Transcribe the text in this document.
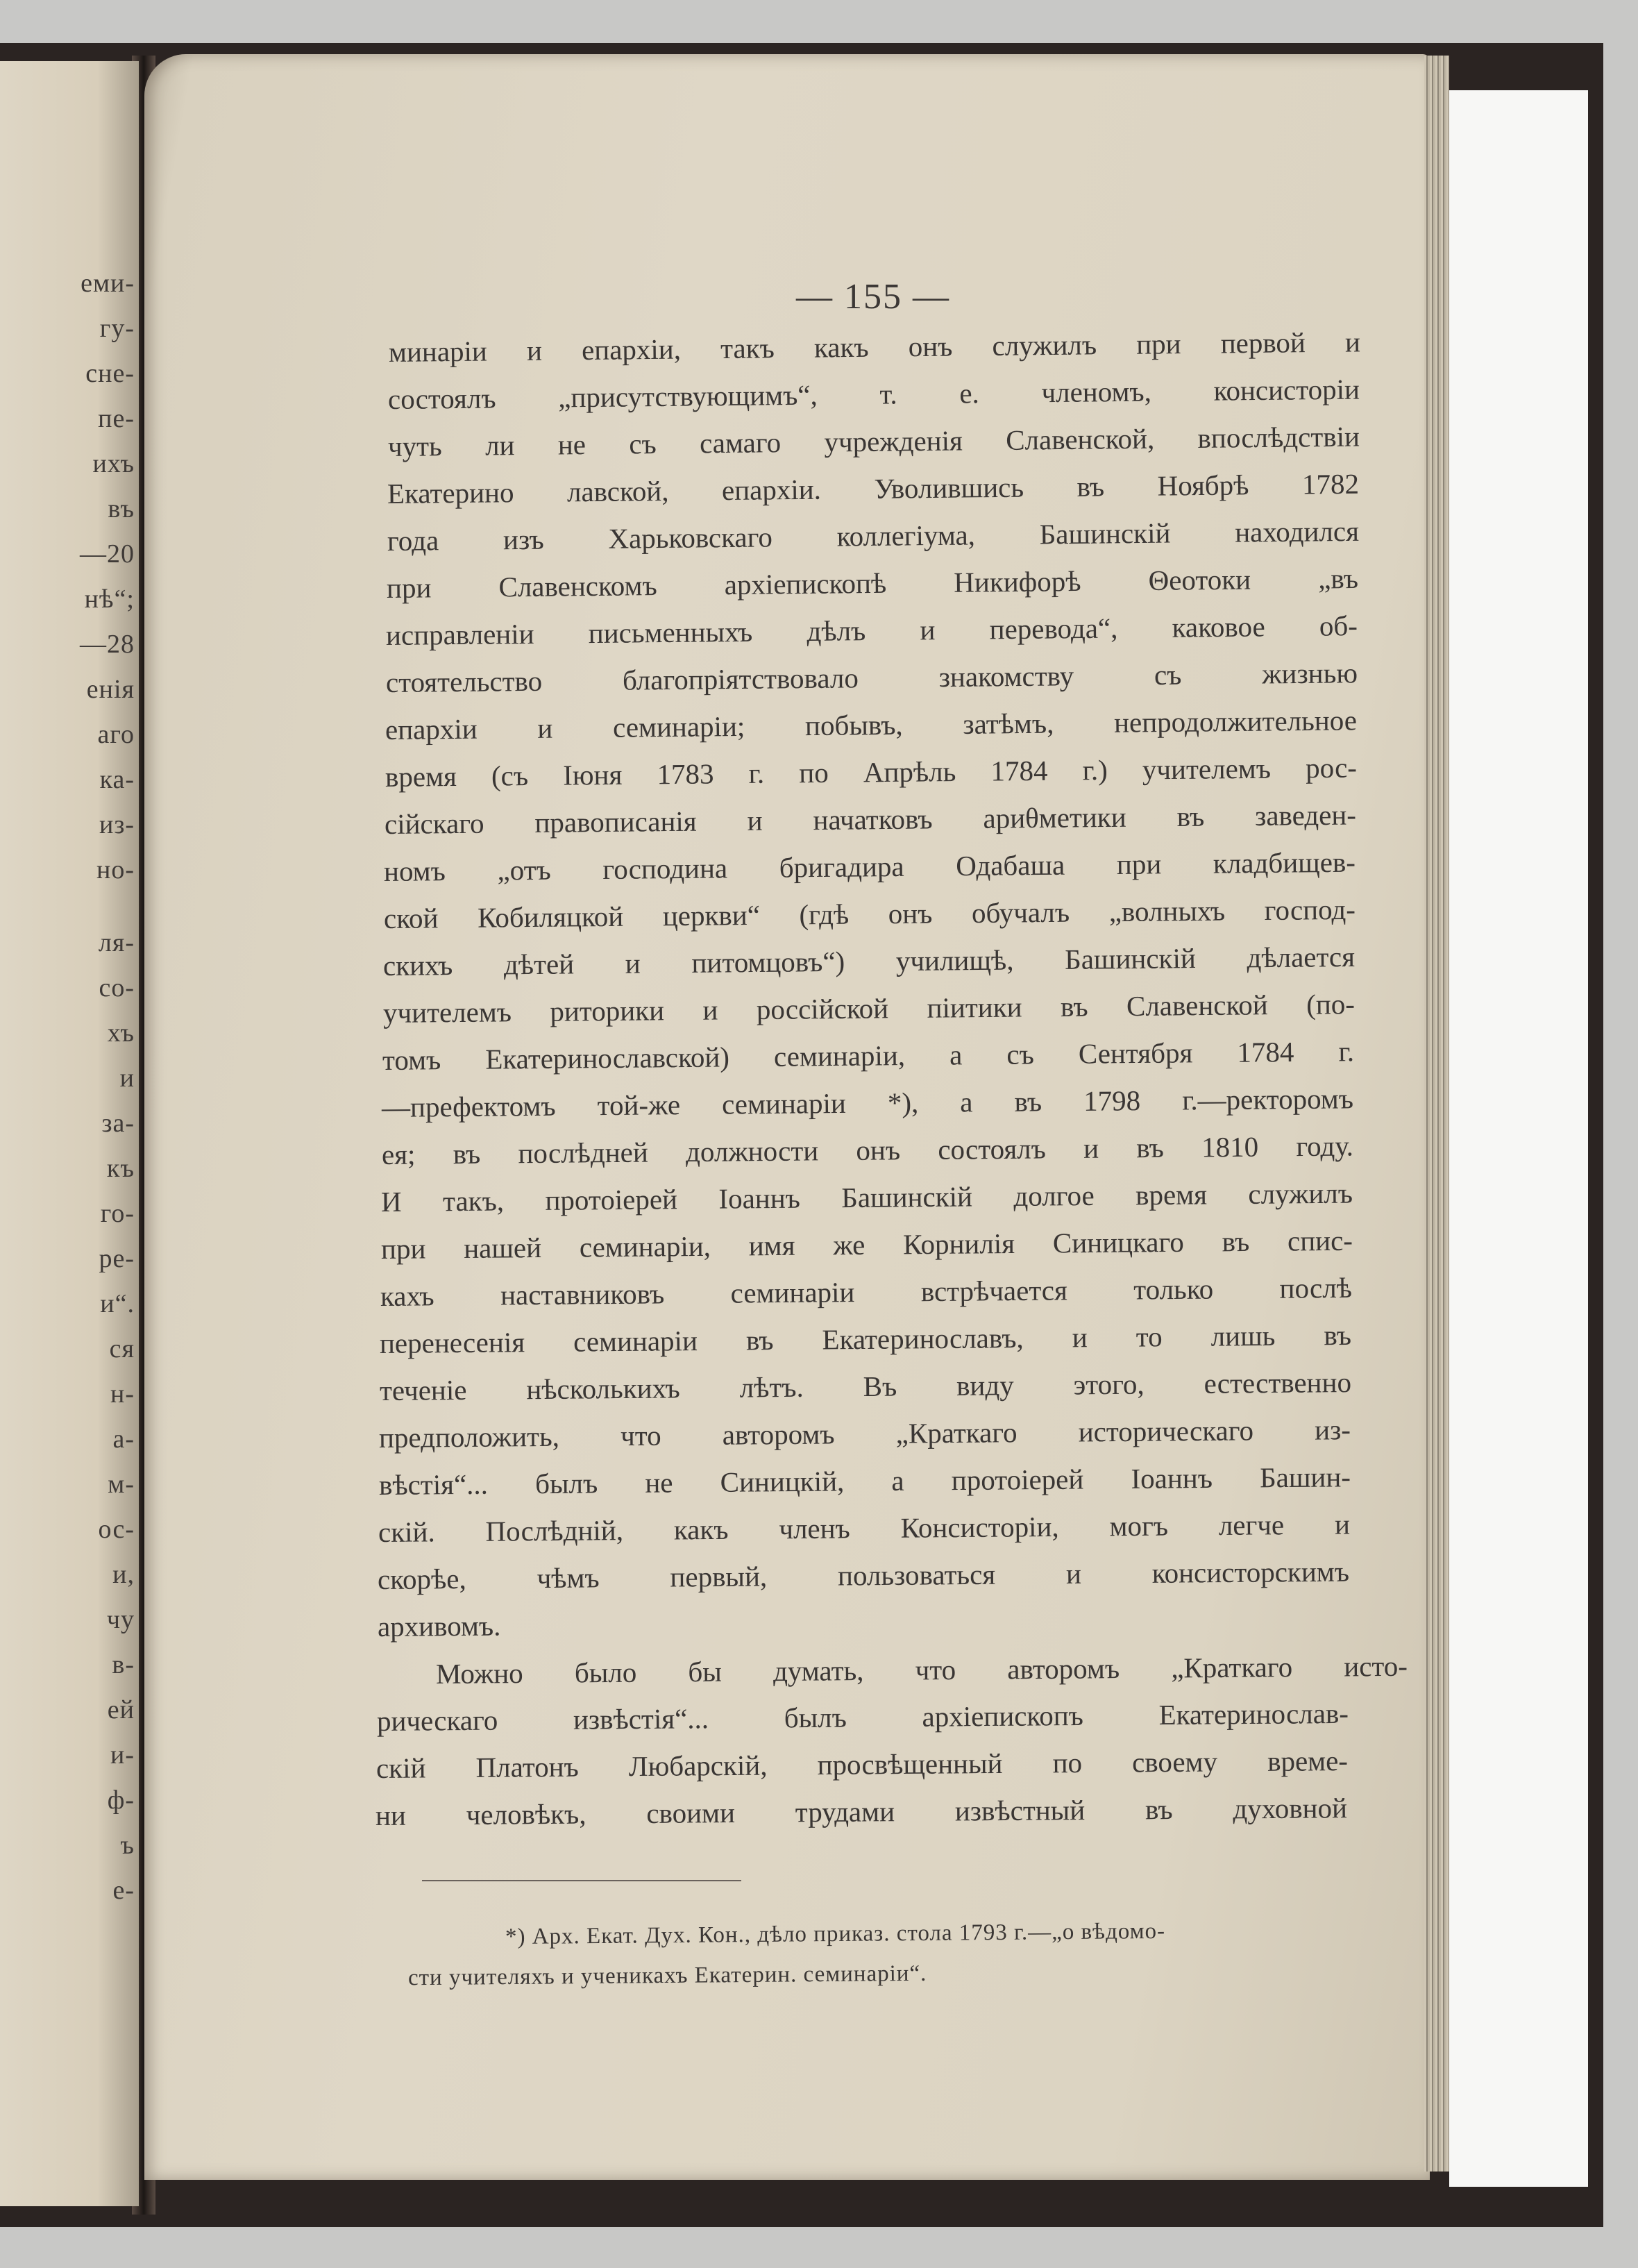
еми-
гу-
сне-
пе-
ихъ
въ
—20
нѣ“;
—28
енія
аго
ка-
из-
но-
ля-
со-
хъ
и
за-
къ
го-
ре-
и“.
ся
н-
а-
м-
ос-
и,
чу
в-
ей
и-
ф-
ъ
е-
— 155 —
минаріи и епархіи, такъ какъ онъ служилъ при первой и
состоялъ „присутствующимъ“, т. е. членомъ, консисторіи
чуть ли не съ самаго учрежденія Славенской, впослѣдствіи
Екатерино лавской, епархіи. Уволившись въ Ноябрѣ 1782
года изъ Харьковскаго коллегіума, Башинскій находился
при Славенскомъ архіепископѣ Никифорѣ Θеотоки „въ
исправленіи письменныхъ дѣлъ и перевода“, каковое об-
стоятельство благопріятствовало знакомству съ жизнью
епархіи и семинаріи; побывъ, затѣмъ, непродолжительное
время (съ Іюня 1783 г. по Апрѣль 1784 г.) учителемъ рос-
сійскаго правописанія и начатковъ ариθметики въ заведен-
номъ „отъ господина бригадира Одабаша при кладбищев-
ской Кобиляцкой церкви“ (гдѣ онъ обучалъ „волныхъ господ-
скихъ дѣтей и питомцовъ“) училищѣ, Башинскій дѣлается
учителемъ риторики и россійской піитики въ Славенской (по-
томъ Екатеринославской) семинаріи, а съ Сентября 1784 г.
—префектомъ той-же семинаріи *), а въ 1798 г.—ректоромъ
ея; въ послѣдней должности онъ состоялъ и въ 1810 году.
И такъ, протоіерей Іоаннъ Башинскій долгое время служилъ
при нашей семинаріи, имя же Корнилія Синицкаго въ спис-
кахъ наставниковъ семинаріи встрѣчается только послѣ
перенесенія семинаріи въ Екатеринославъ, и то лишь въ
теченіе нѣсколькихъ лѣтъ. Въ виду этого, естественно
предположить, что авторомъ „Краткаго историческаго из-
вѣстія“... былъ не Синицкій, а протоіерей Іоаннъ Башин-
скій. Послѣдній, какъ членъ Консисторіи, могъ легче и
скорѣе, чѣмъ первый, пользоваться и консисторскимъ
архивомъ.
Можно было бы думать, что авторомъ „Краткаго исто-
рическаго извѣстія“... былъ архіепископъ Екатеринослав-
скій Платонъ Любарскій, просвѣщенный по своему време-
ни человѣкъ, своими трудами извѣстный въ духовной
*) Арх. Екат. Дух. Кон., дѣло приказ. стола 1793 г.—„о вѣдомо-
сти учителяхъ и ученикахъ Екатерин. семинаріи“.
